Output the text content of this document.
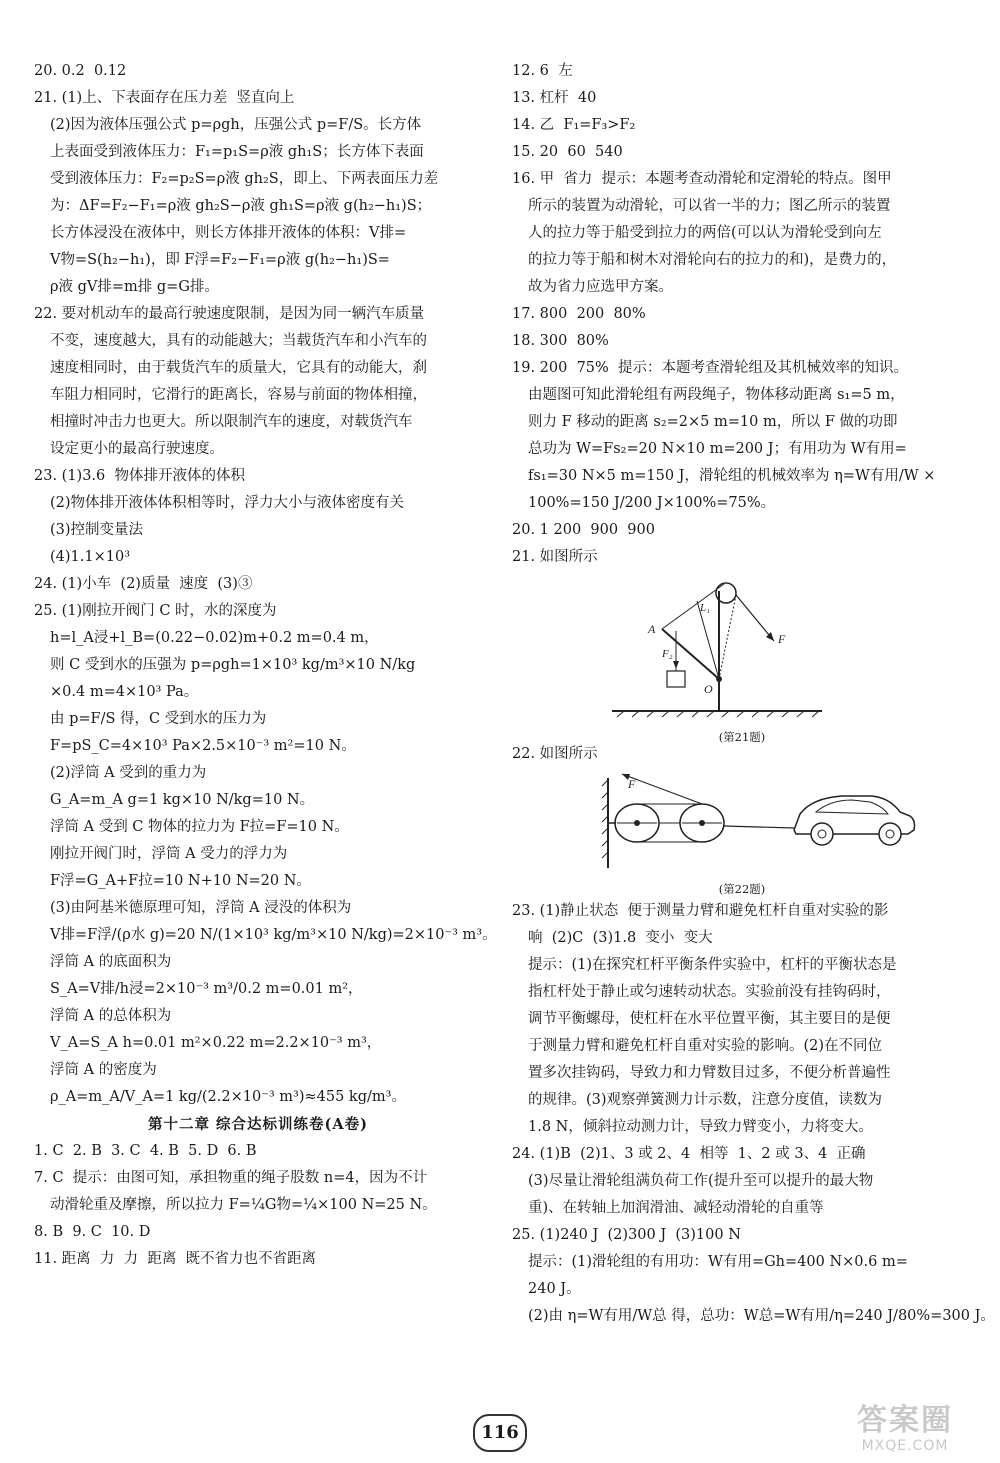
20. 0.2  0.12
21. (1)上、下表面存在压力差  竖直向上
(2)因为液体压强公式 p=ρgh，压强公式 p=F/S。长方体
上表面受到液体压力：F₁=p₁S=ρ液 gh₁S；长方体下表面
受到液体压力：F₂=p₂S=ρ液 gh₂S，即上、下两表面压力差
为：ΔF=F₂−F₁=ρ液 gh₂S−ρ液 gh₁S=ρ液 g(h₂−h₁)S；
长方体浸没在液体中，则长方体排开液体的体积：V排=
V物=S(h₂−h₁)，即 F浮=F₂−F₁=ρ液 g(h₂−h₁)S=
ρ液 gV排=m排 g=G排。
22. 要对机动车的最高行驶速度限制，是因为同一辆汽车质量
不变，速度越大，具有的动能越大；当载货汽车和小汽车的
速度相同时，由于载货汽车的质量大，它具有的动能大，刹
车阻力相同时，它滑行的距离长，容易与前面的物体相撞，
相撞时冲击力也更大。所以限制汽车的速度，对载货汽车
设定更小的最高行驶速度。
23. (1)3.6  物体排开液体的体积
(2)物体排开液体体积相等时，浮力大小与液体密度有关
(3)控制变量法
(4)1.1×10³
24. (1)小车  (2)质量  速度  (3)③
25. (1)刚拉开阀门 C 时，水的深度为
h=l_A浸+l_B=(0.22−0.02)m+0.2 m=0.4 m，
则 C 受到水的压强为 p=ρgh=1×10³ kg/m³×10 N/kg
×0.4 m=4×10³ Pa。
由 p=F/S 得，C 受到水的压力为
F=pS_C=4×10³ Pa×2.5×10⁻³ m²=10 N。
(2)浮筒 A 受到的重力为
G_A=m_A g=1 kg×10 N/kg=10 N。
浮筒 A 受到 C 物体的拉力为 F拉=F=10 N。
刚拉开阀门时，浮筒 A 受力的浮力为
F浮=G_A+F拉=10 N+10 N=20 N。
(3)由阿基米德原理可知，浮筒 A 浸没的体积为
V排=F浮/(ρ水 g)=20 N/(1×10³ kg/m³×10 N/kg)=2×10⁻³ m³。
浮筒 A 的底面积为
S_A=V排/h浸=2×10⁻³ m³/0.2 m=0.01 m²，
浮筒 A 的总体积为
V_A=S_A h=0.01 m²×0.22 m=2.2×10⁻³ m³，
浮筒 A 的密度为
ρ_A=m_A/V_A=1 kg/(2.2×10⁻³ m³)≈455 kg/m³。
第十二章 综合达标训练卷(A卷)
1. C  2. B  3. C  4. B  5. D  6. B
7. C  提示：由图可知，承担物重的绳子股数 n=4，因为不计
动滑轮重及摩擦，所以拉力 F=¼G物=¼×100 N=25 N。
8. B  9. C  10. D
11. 距离  力  力  距离  既不省力也不省距离
12. 6  左
13. 杠杆  40
14. 乙  F₁=F₃>F₂
15. 20  60  540
16. 甲  省力  提示：本题考查动滑轮和定滑轮的特点。图甲
所示的装置为动滑轮，可以省一半的力；图乙所示的装置
人的拉力等于船受到拉力的两倍(可以认为滑轮受到向左
的拉力等于船和树木对滑轮向右的拉力的和)，是费力的，
故为省力应选甲方案。
17. 800  200  80%
18. 300  80%
19. 200  75%  提示：本题考查滑轮组及其机械效率的知识。
由题图可知此滑轮组有两段绳子，物体移动距离 s₁=5 m，
则力 F 移动的距离 s₂=2×5 m=10 m，所以 F 做的功即
总功为 W=Fs₂=20 N×10 m=200 J；有用功为 W有用=
fs₁=30 N×5 m=150 J，滑轮组的机械效率为 η=W有用/W ×
100%=150 J/200 J×100%=75%。
20. 1 200  900  900
21. 如图所示
A
L₁
F
F₂
O
(第21题)
22. 如图所示
F
(第22题)
23. (1)静止状态  便于测量力臂和避免杠杆自重对实验的影
响  (2)C  (3)1.8  变小  变大
提示：(1)在探究杠杆平衡条件实验中，杠杆的平衡状态是
指杠杆处于静止或匀速转动状态。实验前没有挂钩码时，
调节平衡螺母，使杠杆在水平位置平衡，其主要目的是便
于测量力臂和避免杠杆自重对实验的影响。(2)在不同位
置多次挂钩码，导致力和力臂数目过多，不便分析普遍性
的规律。(3)观察弹簧测力计示数，注意分度值，读数为
1.8 N，倾斜拉动测力计，导致力臂变小，力将变大。
24. (1)B  (2)1、3 或 2、4  相等  1、2 或 3、4  正确
(3)尽量让滑轮组满负荷工作(提升至可以提升的最大物
重)、在转轴上加润滑油、减轻动滑轮的自重等
25. (1)240 J  (2)300 J  (3)100 N
提示：(1)滑轮组的有用功：W有用=Gh=400 N×0.6 m=
240 J。
(2)由 η=W有用/W总 得，总功：W总=W有用/η=240 J/80%=300 J。
116	答案圈
MXQE.COM
